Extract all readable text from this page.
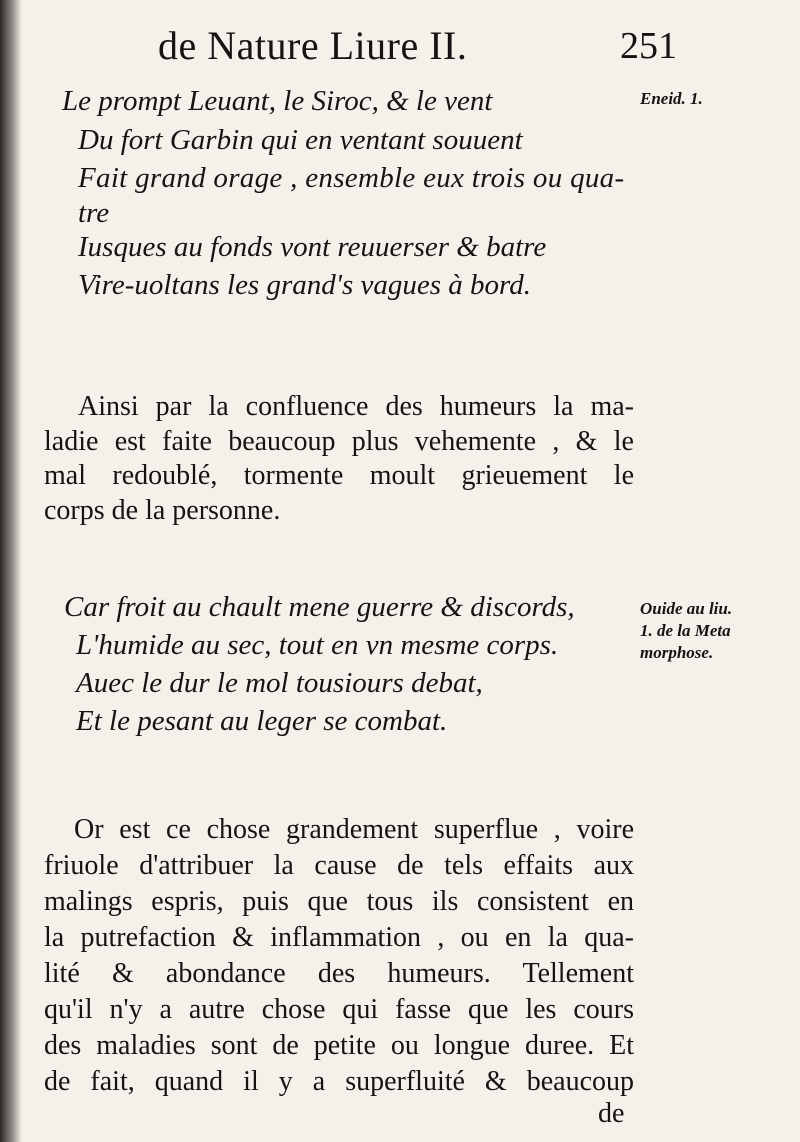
de Nature Liure II.	251
Le prompt Leuant, le Siroc, & le vent
Du fort Garbin qui en ventant souuent
Fait grand orage , ensemble eux trois ou qua-
tre
Iusques au fonds vont reuuerser & batre
Vire-uoltans les grand's vagues à bord.
Eneid. 1.
Ainsi par la confluence des humeurs la ma-
ladie est faite beaucoup plus vehemente , & le
mal redoublé, tormente moult grieuement le
corps de la personne.
Car froit au chault mene guerre & discords,
L'humide au sec, tout en vn mesme corps.
Auec le dur le mol tousiours debat,
Et le pesant au leger se combat.
Ouide au liu.
1. de la Meta
morphose.
Or est ce chose grandement superflue , voire
friuole d'attribuer la cause de tels effaits aux
malings espris, puis que tous ils consistent en
la putrefaction & inflammation , ou en la qua-
lité & abondance des humeurs. Tellement
qu'il n'y a autre chose qui fasse que les cours
des maladies sont de petite ou longue duree. Et
de fait, quand il y a superfluité & beaucoup
de
